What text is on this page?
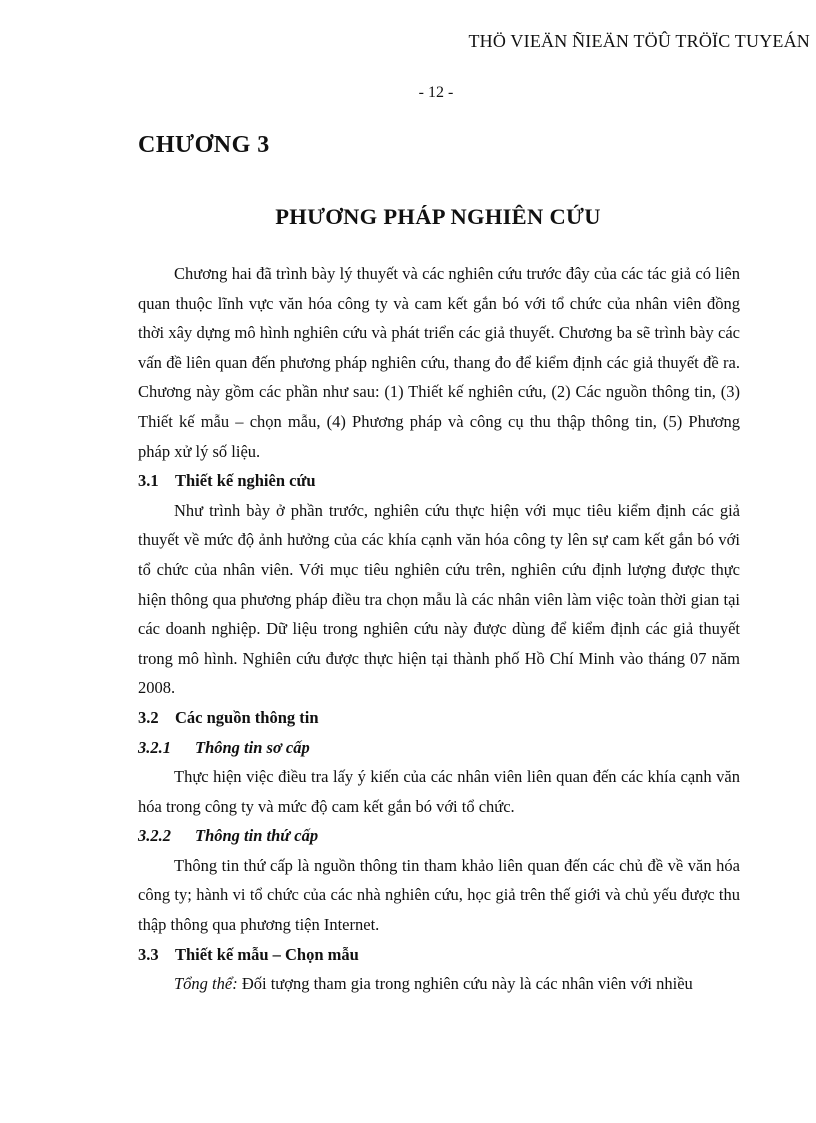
THÖ VIEÄN ÑIEÄN TÖÛ TRÖÏC TUYEÁN
- 12 -
CHƯƠNG 3
PHƯƠNG PHÁP NGHIÊN CỨU

Chương hai đã trình bày lý thuyết và các nghiên cứu trước đây của các tác giả có liên quan thuộc lĩnh vực văn hóa công ty và cam kết gắn bó với tổ chức của nhân viên đồng thời xây dựng mô hình nghiên cứu và phát triển các giả thuyết. Chương ba sẽ trình bày các vấn đề liên quan đến phương pháp nghiên cứu, thang đo để kiểm định các giả thuyết đề ra. Chương này gồm các phần như sau: (1) Thiết kế nghiên cứu, (2) Các nguồn thông tin, (3) Thiết kế mẫu – chọn mẫu, (4) Phương pháp và công cụ thu thập thông tin, (5) Phương pháp xử lý số liệu.

3.1 Thiết kế nghiên cứu

Như trình bày ở phần trước, nghiên cứu thực hiện với mục tiêu kiểm định các giả thuyết về mức độ ảnh hưởng của các khía cạnh văn hóa công ty lên sự cam kết gắn bó với tổ chức của nhân viên. Với mục tiêu nghiên cứu trên, nghiên cứu định lượng được thực hiện thông qua phương pháp điều tra chọn mẫu là các nhân viên làm việc toàn thời gian tại các doanh nghiệp. Dữ liệu trong nghiên cứu này được dùng để kiểm định các giả thuyết trong mô hình. Nghiên cứu được thực hiện tại thành phố Hồ Chí Minh vào tháng 07 năm 2008.

3.2 Các nguồn thông tin
3.2.1 Thông tin sơ cấp

Thực hiện việc điều tra lấy ý kiến của các nhân viên liên quan đến các khía cạnh văn hóa trong công ty và mức độ cam kết gắn bó với tổ chức.

3.2.2 Thông tin thứ cấp

Thông tin thứ cấp là nguồn thông tin tham khảo liên quan đến các chủ đề về văn hóa công ty; hành vi tổ chức của các nhà nghiên cứu, học giả trên thế giới và chủ yếu được thu thập thông qua phương tiện Internet.

3.3 Thiết kế mẫu – Chọn mẫu

Tổng thể: Đối tượng tham gia trong nghiên cứu này là các nhân viên với nhiều
